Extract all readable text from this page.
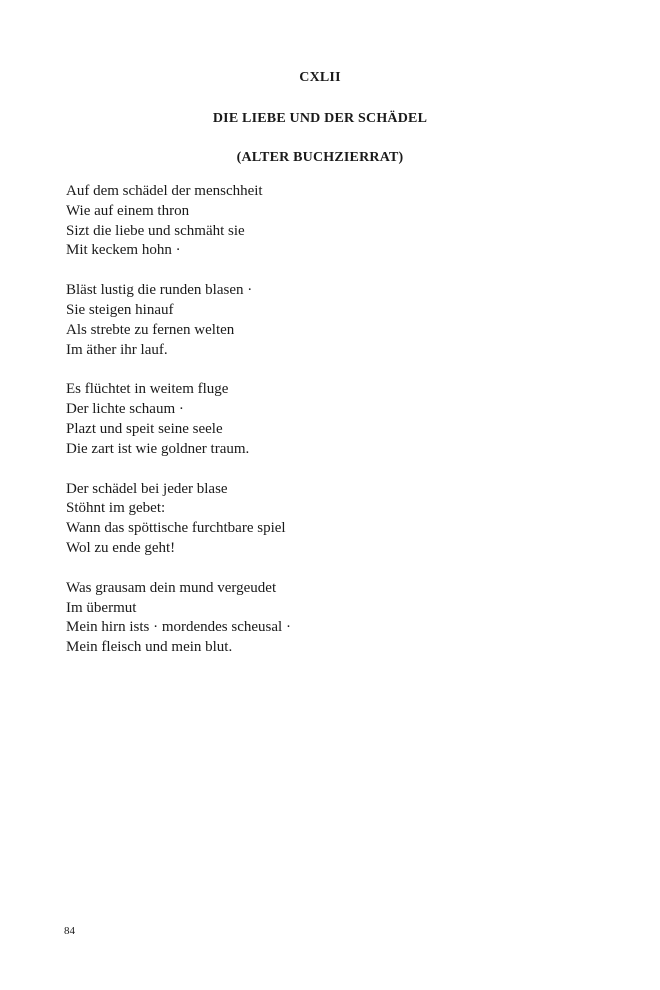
CXLII
DIE LIEBE UND DER SCHÄDEL
(ALTER BUCHZIERRAT)
Auf dem schädel der menschheit
Wie auf einem thron
Sizt die liebe und schmäht sie
Mit keckem hohn ·
Bläst lustig die runden blasen ·
Sie steigen hinauf
Als strebte zu fernen welten
Im äther ihr lauf.
Es flüchtet in weitem fluge
Der lichte schaum ·
Plazt und speit seine seele
Die zart ist wie goldner traum.
Der schädel bei jeder blase
Stöhnt im gebet:
Wann das spöttische furchtbare spiel
Wol zu ende geht!
Was grausam dein mund vergeudet
Im übermut
Mein hirn ists · mordendes scheusal ·
Mein fleisch und mein blut.
84
